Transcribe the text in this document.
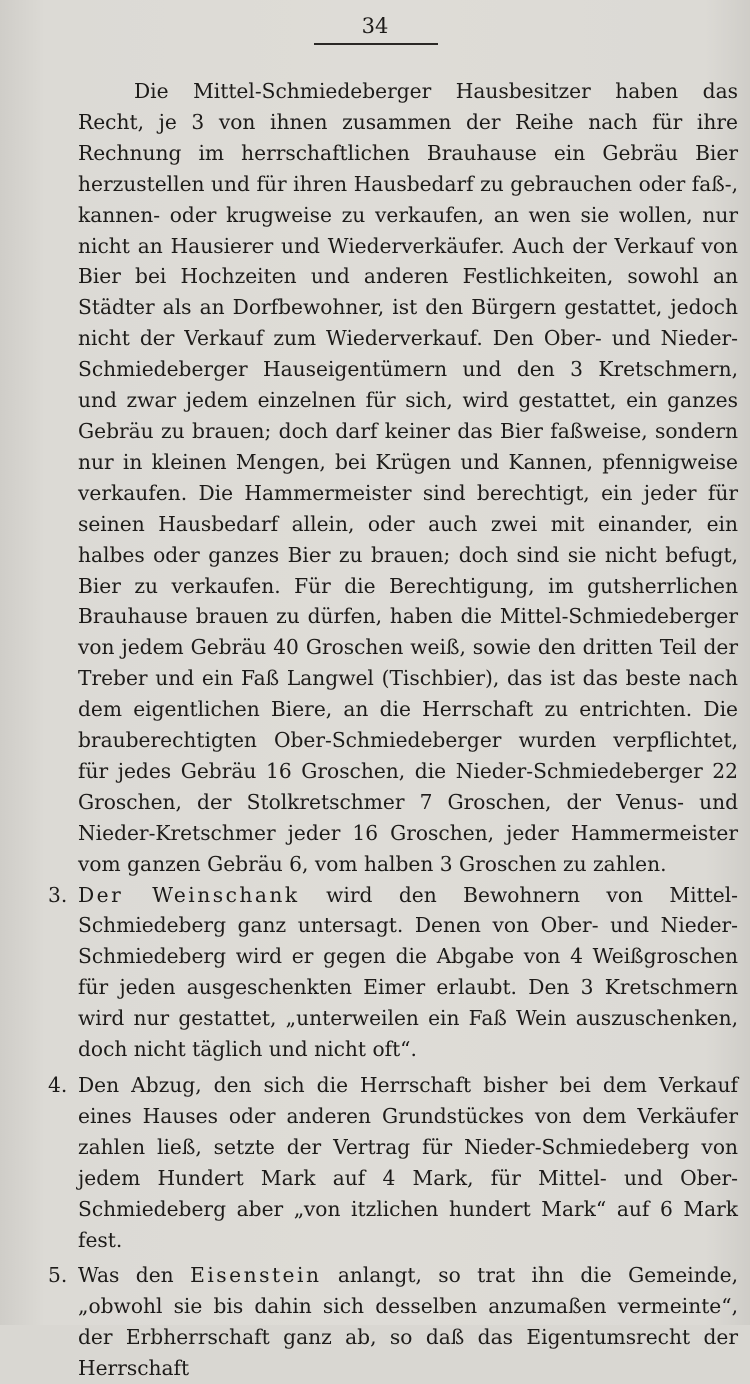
34

Die Mittel-Schmiedeberger Hausbesitzer haben das Recht, je 3 von ihnen zusammen der Reihe nach für ihre Rechnung im herrschaftlichen Brauhause ein Gebräu Bier herzustellen und für ihren Hausbedarf zu gebrauchen oder faß-, kannen- oder krugweise zu verkaufen, an wen sie wollen, nur nicht an Hausierer und Wiederverkäufer. Auch der Verkauf von Bier bei Hochzeiten und anderen Festlichkeiten, sowohl an Städter als an Dorfbewohner, ist den Bürgern gestattet, jedoch nicht der Verkauf zum Wiederverkauf. Den Ober- und Nieder-Schmiedeberger Hauseigentümern und den 3 Kretschmern, und zwar jedem einzelnen für sich, wird gestattet, ein ganzes Gebräu zu brauen; doch darf keiner das Bier faßweise, sondern nur in kleinen Mengen, bei Krügen und Kannen, pfennigweise verkaufen. Die Hammermeister sind berechtigt, ein jeder für seinen Hausbedarf allein, oder auch zwei mit einander, ein halbes oder ganzes Bier zu brauen; doch sind sie nicht befugt, Bier zu verkaufen. Für die Berechtigung, im gutsherrlichen Brauhause brauen zu dürfen, haben die Mittel-Schmiedeberger von jedem Gebräu 40 Groschen weiß, sowie den dritten Teil der Treber und ein Faß Langwel (Tischbier), das ist das beste nach dem eigentlichen Biere, an die Herrschaft zu entrichten. Die brauberechtigten Ober-Schmiedeberger wurden verpflichtet, für jedes Gebräu 16 Groschen, die Nieder-Schmiedeberger 22 Groschen, der Stolkretschmer 7 Groschen, der Venus- und Nieder-Kretschmer jeder 16 Groschen, jeder Hammermeister vom ganzen Gebräu 6, vom halben 3 Groschen zu zahlen.

3. Der Weinschank wird den Bewohnern von Mittel-Schmiedeberg ganz untersagt. Denen von Ober- und Nieder-Schmiedeberg wird er gegen die Abgabe von 4 Weißgroschen für jeden ausgeschenkten Eimer erlaubt. Den 3 Kretschmern wird nur gestattet, „unterweilen ein Faß Wein auszuschenken, doch nicht täglich und nicht oft“.

4. Den Abzug, den sich die Herrschaft bisher bei dem Verkauf eines Hauses oder anderen Grundstückes von dem Verkäufer zahlen ließ, setzte der Vertrag für Nieder-Schmiedeberg von jedem Hundert Mark auf 4 Mark, für Mittel- und Ober-Schmiedeberg aber „von itzlichen hundert Mark“ auf 6 Mark fest.

5. Was den Eisenstein anlangt, so trat ihn die Gemeinde, „obwohl sie bis dahin sich desselben anzumaßen vermeinte“, der Erbherrschaft ganz ab, so daß das Eigentumsrecht der Herrschaft
